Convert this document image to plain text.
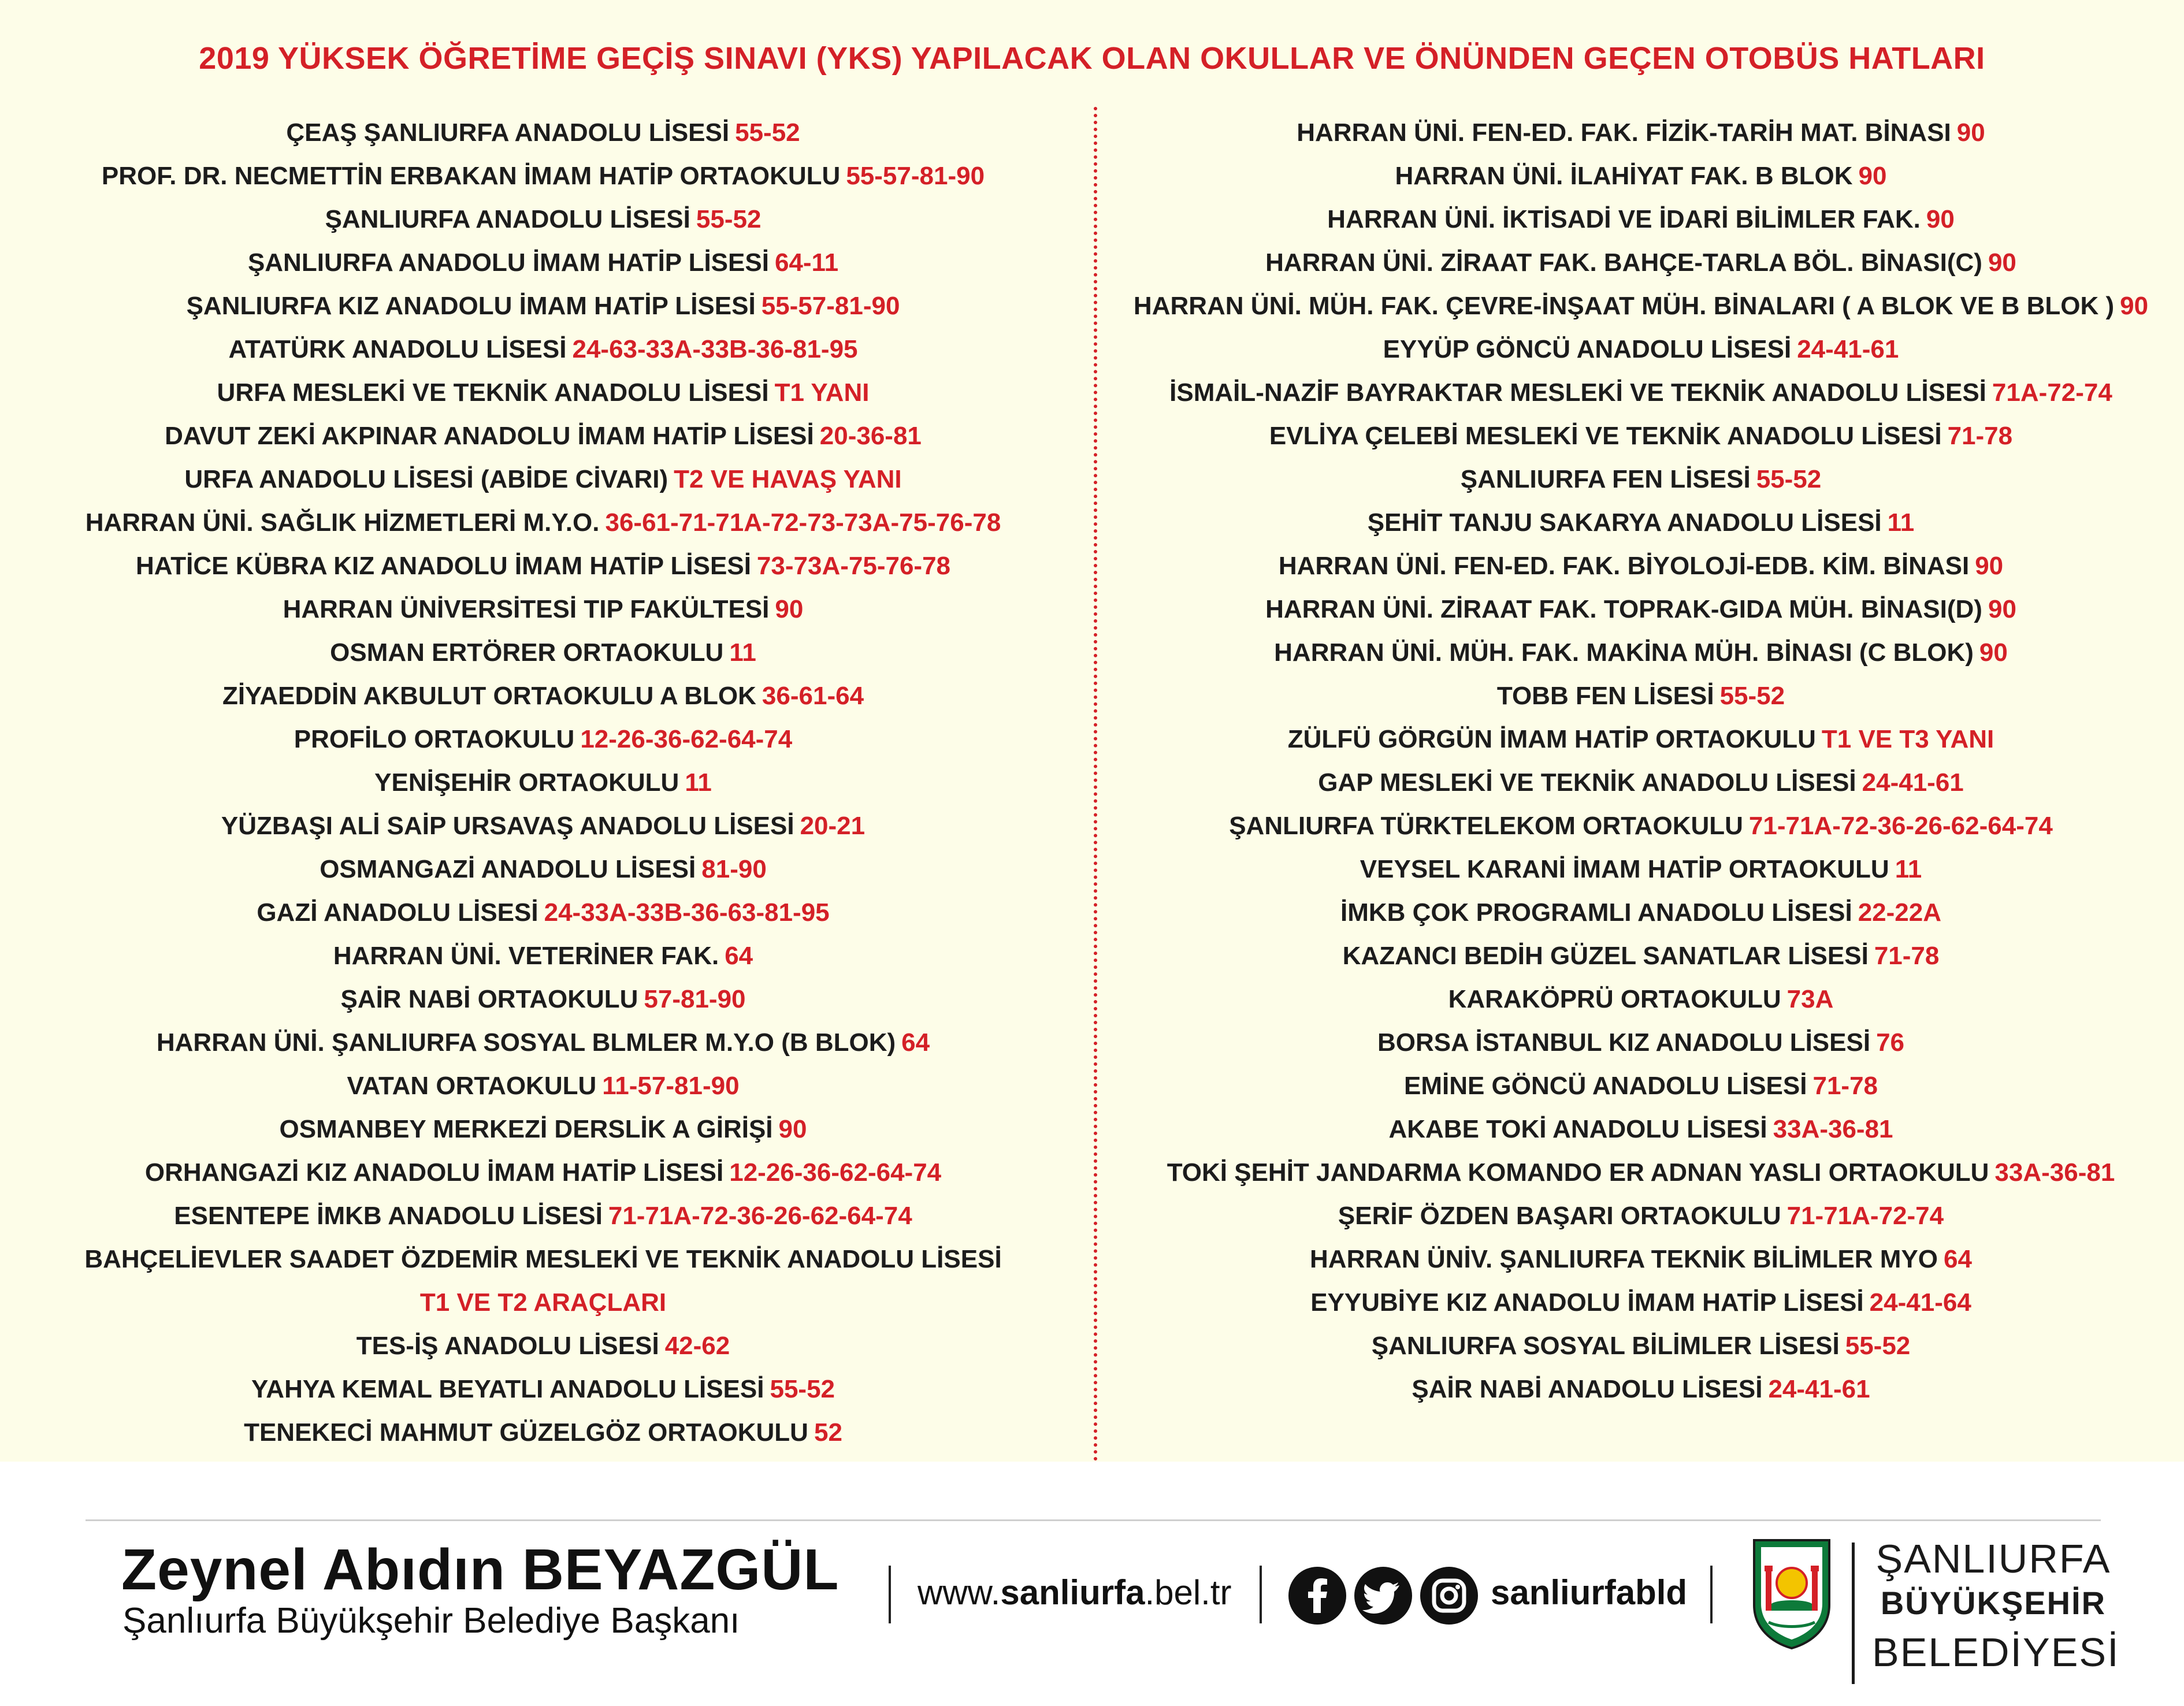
2019 YÜKSEK ÖĞRETİME GEÇİŞ SINAVI (YKS) YAPILACAK OLAN OKULLAR VE ÖNÜNDEN GEÇEN OTOBÜS HATLARI
ÇEAŞ ŞANLIURFA ANADOLU LİSESİ 55-52
PROF. DR. NECMETTİN ERBAKAN İMAM HATİP ORTAOKULU 55-57-81-90
ŞANLIURFA ANADOLU LİSESİ 55-52
ŞANLIURFA ANADOLU İMAM HATİP LİSESİ 64-11
ŞANLIURFA KIZ ANADOLU İMAM HATİP LİSESİ 55-57-81-90
ATATÜRK ANADOLU LİSESİ 24-63-33A-33B-36-81-95
URFA MESLEKİ VE TEKNİK ANADOLU LİSESİ T1 YANI
DAVUT ZEKİ AKPINAR ANADOLU İMAM HATİP LİSESİ 20-36-81
URFA ANADOLU LİSESİ (ABİDE CİVARI) T2 VE HAVAŞ YANI
HARRAN ÜNİ. SAĞLIK HİZMETLERİ M.Y.O. 36-61-71-71A-72-73-73A-75-76-78
HATİCE KÜBRA KIZ ANADOLU İMAM HATİP LİSESİ 73-73A-75-76-78
HARRAN ÜNİVERSİTESİ TIP FAKÜLTESİ 90
OSMAN ERTÖRER ORTAOKULU 11
ZİYAEDDİN AKBULUT ORTAOKULU A BLOK 36-61-64
PROFİLO ORTAOKULU 12-26-36-62-64-74
YENİŞEHİR ORTAOKULU 11
YÜZBAŞI ALİ SAİP URSAVAŞ ANADOLU LİSESİ 20-21
OSMANGAZİ ANADOLU LİSESİ 81-90
GAZİ ANADOLU LİSESİ 24-33A-33B-36-63-81-95
HARRAN ÜNİ. VETERİNER FAK. 64
ŞAİR NABİ ORTAOKULU 57-81-90
HARRAN ÜNİ. ŞANLIURFA SOSYAL BLMLER M.Y.O (B BLOK) 64
VATAN ORTAOKULU 11-57-81-90
OSMANBEY MERKEZİ DERSLİK A GİRİŞİ 90
ORHANGAZİ KIZ ANADOLU İMAM HATİP LİSESİ 12-26-36-62-64-74
ESENTEPE İMKB ANADOLU LİSESİ 71-71A-72-36-26-62-64-74
BAHÇELİEVLER SAADET ÖZDEMİR MESLEKİ VE TEKNİK ANADOLU LİSESİ
T1 VE T2 ARAÇLARI
TES-İŞ ANADOLU LİSESİ 42-62
YAHYA KEMAL BEYATLI ANADOLU LİSESİ 55-52
TENEKECİ MAHMUT GÜZELGÖZ ORTAOKULU 52
HARRAN ÜNİ. FEN-ED. FAK. FİZİK-TARİH MAT. BİNASI 90
HARRAN ÜNİ. İLAHİYAT FAK. B BLOK 90
HARRAN ÜNİ. İKTİSADİ VE İDARİ BİLİMLER FAK. 90
HARRAN ÜNİ. ZİRAAT FAK. BAHÇE-TARLA BÖL. BİNASI(C) 90
HARRAN ÜNİ. MÜH. FAK. ÇEVRE-İNŞAAT MÜH. BİNALARI ( A BLOK VE B BLOK ) 90
EYYÜP GÖNCÜ ANADOLU LİSESİ 24-41-61
İSMAİL-NAZİF BAYRAKTAR MESLEKİ VE TEKNİK ANADOLU LİSESİ 71A-72-74
EVLİYA ÇELEBİ MESLEKİ VE TEKNİK ANADOLU LİSESİ 71-78
ŞANLIURFA FEN LİSESİ 55-52
ŞEHİT TANJU SAKARYA ANADOLU LİSESİ 11
HARRAN ÜNİ. FEN-ED. FAK. BİYOLOJİ-EDB. KİM. BİNASI 90
HARRAN ÜNİ. ZİRAAT FAK. TOPRAK-GIDA MÜH. BİNASI(D) 90
HARRAN ÜNİ. MÜH. FAK. MAKİNA MÜH. BİNASI (C BLOK) 90
TOBB FEN LİSESİ 55-52
ZÜLFÜ GÖRGÜN İMAM HATİP ORTAOKULU T1 VE T3 YANI
GAP MESLEKİ VE TEKNİK ANADOLU LİSESİ 24-41-61
ŞANLIURFA TÜRKTELEKOM ORTAOKULU 71-71A-72-36-26-62-64-74
VEYSEL KARANİ İMAM HATİP ORTAOKULU 11
İMKB ÇOK PROGRAMLI ANADOLU LİSESİ 22-22A
KAZANCI BEDİH GÜZEL SANATLAR LİSESİ 71-78
KARAKÖPRÜ ORTAOKULU 73A
BORSA İSTANBUL KIZ ANADOLU LİSESİ 76
EMİNE GÖNCÜ ANADOLU LİSESİ 71-78
AKABE TOKİ ANADOLU LİSESİ 33A-36-81
TOKİ ŞEHİT JANDARMA KOMANDO ER ADNAN YASLI ORTAOKULU 33A-36-81
ŞERİF ÖZDEN BAŞARI ORTAOKULU 71-71A-72-74
HARRAN ÜNİV. ŞANLIURFA TEKNİK BİLİMLER MYO 64
EYYUBİYE KIZ ANADOLU İMAM HATİP LİSESİ 24-41-64
ŞANLIURFA SOSYAL BİLİMLER LİSESİ 55-52
ŞAİR NABİ ANADOLU LİSESİ 24-41-61
Zeynel Abıdın BEYAZGÜL
Şanlıurfa Büyükşehir Belediye Başkanı
www.sanliurfa.bel.tr	sanliurfabld
ŞANLIURFA
BÜYÜKŞEHİR
BELEDİYESİ
